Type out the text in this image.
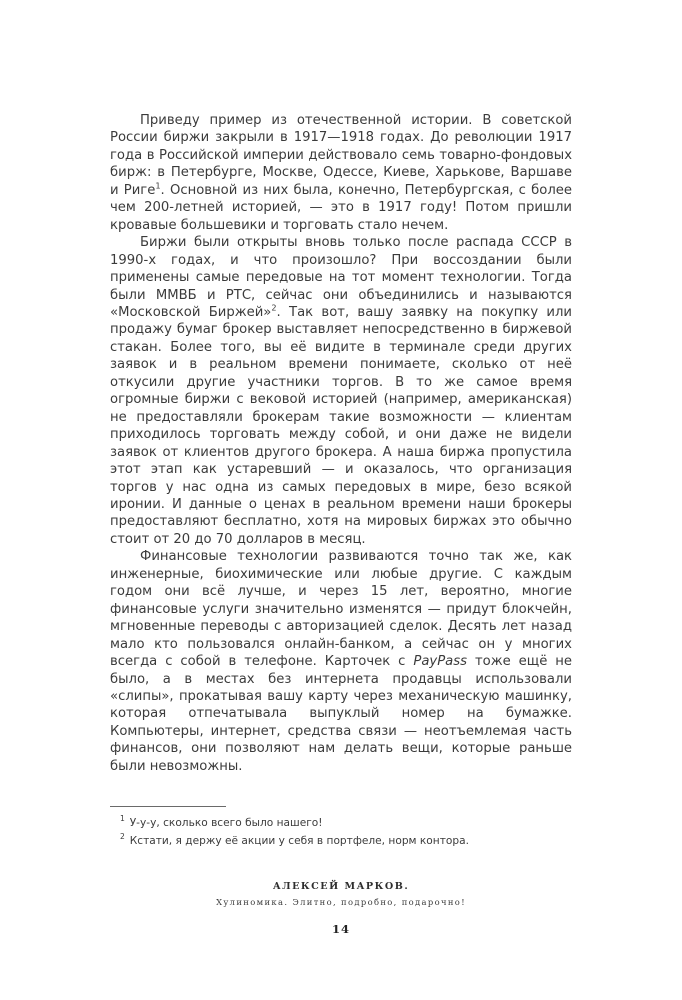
Приведу пример из отечественной истории. В советской России биржи закрыли в 1917—1918 годах. До революции 1917 года в Российской империи действовало семь товарно-фондовых бирж: в Петербурге, Москве, Одессе, Киеве, Харькове, Варшаве и Риге$^1$. Основной из них была, конечно, Петербургская, с более чем 200-летней историей, — это в 1917 году! Потом пришли кровавые большевики и торговать стало нечем.

Биржи были открыты вновь только после распада СССР в 1990-х годах, и что произошло? При воссоздании были применены самые передовые на тот момент технологии. Тогда были ММВБ и РТС, сейчас они объединились и называются «Московской Биржей»$^2$. Так вот, вашу заявку на покупку или продажу бумаг брокер выставляет непосредственно в биржевой стакан. Более того, вы её видите в терминале среди других заявок и в реальном времени понимаете, сколько от неё откусили другие участники торгов. В то же самое время огромные биржи с вековой историей (например, американская) не предоставляли брокерам такие возможности — клиентам приходилось торговать между собой, и они даже не видели заявок от клиентов другого брокера. А наша биржа пропустила этот этап как устаревший — и оказалось, что организация торгов у нас одна из самых передовых в мире, безо всякой иронии. И данные о ценах в реальном времени наши брокеры предоставляют бесплатно, хотя на мировых биржах это обычно стоит от 20 до 70 долларов в месяц.

Финансовые технологии развиваются точно так же, как инженерные, биохимические или любые другие. С каждым годом они всё лучше, и через 15 лет, вероятно, многие финансовые услуги значительно изменятся — придут блокчейн, мгновенные переводы с авторизацией сделок. Десять лет назад мало кто пользовался онлайн-банком, а сейчас он у многих всегда с собой в телефоне. Карточек с PayPass тоже ещё не было, а в местах без интернета продавцы использовали «слипы», прокатывая вашу карту через механическую машинку, которая отпечатывала выпуклый номер на бумажке. Компьютеры, интернет, средства связи — неотъемлемая часть финансов, они позволяют нам делать вещи, которые раньше были невозможны.

$^1$ У-у-у, сколько всего было нашего!

$^2$ Кстати, я держу её акции у себя в портфеле, норм контора.

АЛЕКСЕЙ МАРКОВ.

Хулиномика. Элитно, подробно, подарочно!

14
